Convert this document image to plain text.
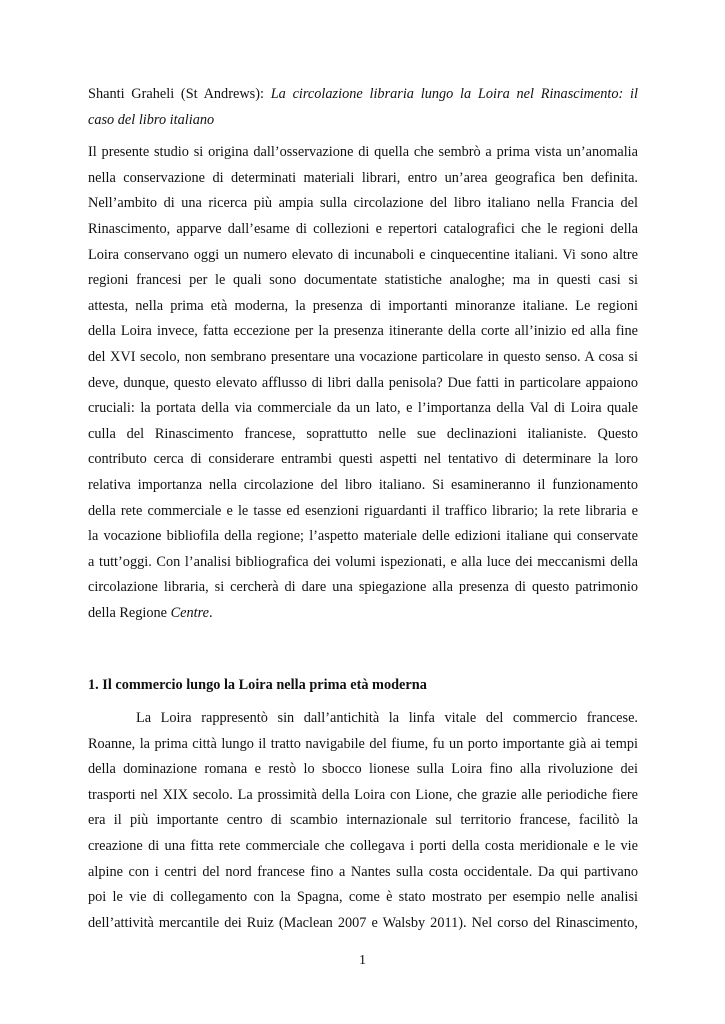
Shanti Graheli (St Andrews): La circolazione libraria lungo la Loira nel Rinascimento: il
caso del libro italiano
Il presente studio si origina dall’osservazione di quella che sembrò a prima vista un’anomalia
nella conservazione di determinati materiali librari, entro un’area geografica ben definita.
Nell’ambito di una ricerca più ampia sulla circolazione del libro italiano nella Francia del
Rinascimento, apparve dall’esame di collezioni e repertori catalografici che le regioni della
Loira conservano oggi un numero elevato di incunaboli e cinquecentine italiani. Vi sono altre
regioni francesi per le quali sono documentate statistiche analoghe; ma in questi casi si
attesta, nella prima età moderna, la presenza di importanti minoranze italiane. Le regioni
della Loira invece, fatta eccezione per la presenza itinerante della corte all’inizio ed alla fine
del XVI secolo, non sembrano presentare una vocazione particolare in questo senso. A cosa si
deve, dunque, questo elevato afflusso di libri dalla penisola? Due fatti in particolare appaiono
cruciali: la portata della via commerciale da un lato, e l’importanza della Val di Loira quale
culla del Rinascimento francese, soprattutto nelle sue declinazioni italianiste. Questo
contributo cerca di considerare entrambi questi aspetti nel tentativo di determinare la loro
relativa importanza nella circolazione del libro italiano. Si esamineranno il funzionamento
della rete commerciale e le tasse ed esenzioni riguardanti il traffico librario; la rete libraria e
la vocazione bibliofila della regione; l’aspetto materiale delle edizioni italiane qui conservate
a tutt’oggi. Con l’analisi bibliografica dei volumi ispezionati, e alla luce dei meccanismi della
circolazione libraria, si cercherà di dare una spiegazione alla presenza di questo patrimonio
della Regione Centre.
1. Il commercio lungo la Loira nella prima età moderna
La Loira rappresentò sin dall’antichità la linfa vitale del commercio francese.
Roanne, la prima città lungo il tratto navigabile del fiume, fu un porto importante già ai tempi
della dominazione romana e restò lo sbocco lionese sulla Loira fino alla rivoluzione dei
trasporti nel XIX secolo. La prossimità della Loira con Lione, che grazie alle periodiche fiere
era il più importante centro di scambio internazionale sul territorio francese, facilitò la
creazione di una fitta rete commerciale che collegava i porti della costa meridionale e le vie
alpine con i centri del nord francese fino a Nantes sulla costa occidentale. Da qui partivano
poi le vie di collegamento con la Spagna, come è stato mostrato per esempio nelle analisi
dell’attività mercantile dei Ruiz (Maclean 2007 e Walsby 2011). Nel corso del Rinascimento,
1
